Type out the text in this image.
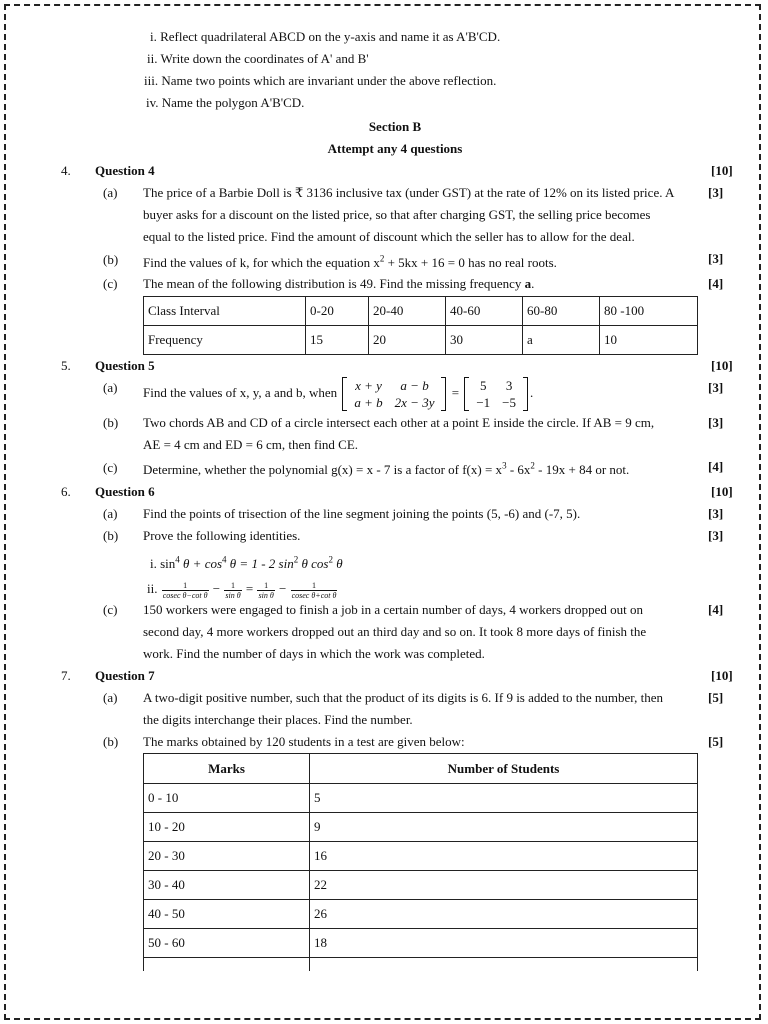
i. Reflect quadrilateral ABCD on the y-axis and name it as A'B'CD.
ii. Write down the coordinates of A' and B'
iii. Name two points which are invariant under the above reflection.
iv. Name the polygon A'B'CD.
Section B
Attempt any 4 questions
4. Question 4	[10]
(a) The price of a Barbie Doll is ₹ 3136 inclusive tax (under GST) at the rate of 12% on its listed price. A
buyer asks for a discount on the listed price, so that after charging GST, the selling price becomes
equal to the listed price. Find the amount of discount which the seller has to allow for the deal.
[3]
(b) Find the values of k, for which the equation $x^2 + 5kx + 16 = 0$ has no real roots.	[3]
(c) The mean of the following distribution is 49. Find the missing frequency a.	[4]
Class Interval	0-20	20-40	40-60	60-80	80 -100
Frequency	15	20	30	a	10
5. Question 5	[10]
(a) Find the values of x, y, a and b, when x + y	a − b
a + b	2x − 3y
= 5	3
−1	−5
.	[3]
(b) Two chords AB and CD of a circle intersect each other at a point E inside the circle. If AB = 9 cm,
AE = 4 cm and ED = 6 cm, then find CE.
[3]
(c) Determine, whether the polynomial g(x) = x - 7 is a factor of $f(x) = x^3 - 6x^2 - 19x + 84$ or not.	[4]
6. Question 6	[10]
(a) Find the points of trisection of the line segment joining the points (5, -6) and (-7, 5).	[3]
(b) Prove the following identities.	[3]
i. $\sin^4 \theta + \cos^4 \theta = 1 - 2$ $\sin^2 \theta$ $\cos^2 \theta$
ii. $\frac{1}{\text{cosec θ−cot θ}} - \frac{1}{\text{sin θ}} = \frac{1}{\text{sin θ}} - \frac{1}{\text{cosec θ+cot θ}}$
(c) 150 workers were engaged to finish a job in a certain number of days, 4 workers dropped out on
second day, 4 more workers dropped out an third day and so on. It took 8 more days of finish the
work. Find the number of days in which the work was completed.
[4]
7. Question 7	[10]
(a) A two-digit positive number, such that the product of its digits is 6. If 9 is added to the number, then
the digits interchange their places. Find the number.
[5]
(b) The marks obtained by 120 students in a test are given below:	[5]
Marks	Number of Students
0 - 10	5
10 - 20	9
20 - 30	16
30 - 40	22
40 - 50	26
50 - 60	18
